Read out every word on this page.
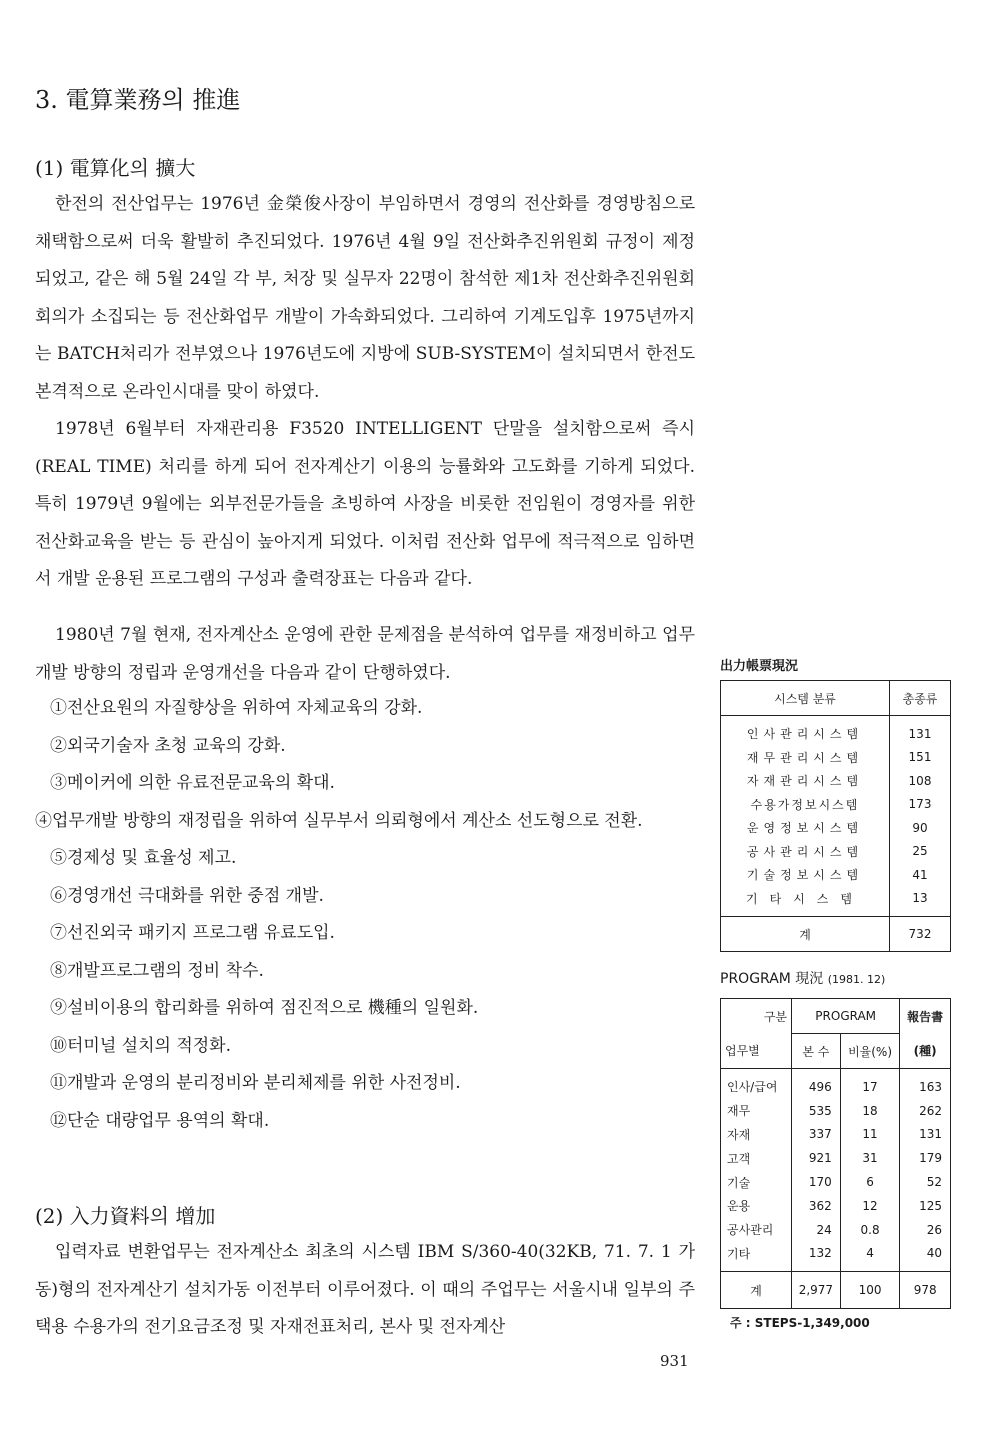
3. 電算業務의 推進
(1) 電算化의 擴大

한전의 전산업무는 1976년 金榮俊사장이 부임하면서 경영의 전산화를 경영방침으로 채택함으로써 더욱 활발히 추진되었다. 1976년 4월 9일 전산화추진위원회 규정이 제정되었고, 같은 해 5월 24일 각 부, 처장 및 실무자 22명이 참석한 제1차 전산화추진위원회 회의가 소집되는 등 전산화업무 개발이 가속화되었다. 그리하여 기계도입후 1975년까지는 BATCH처리가 전부였으나 1976년도에 지방에 SUB-SYSTEM이 설치되면서 한전도 본격적으로 온라인시대를 맞이 하였다.

1978년 6월부터 자재관리용 F3520 INTELLIGENT 단말을 설치함으로써 즉시(REAL TIME) 처리를 하게 되어 전자계산기 이용의 능률화와 고도화를 기하게 되었다. 특히 1979년 9월에는 외부전문가들을 초빙하여 사장을 비롯한 전임원이 경영자를 위한 전산화교육을 받는 등 관심이 높아지게 되었다. 이처럼 전산화 업무에 적극적으로 임하면서 개발 운용된 프로그램의 구성과 출력장표는 다음과 같다.

1980년 7월 현재, 전자계산소 운영에 관한 문제점을 분석하여 업무를 재정비하고 업무개발 방향의 정립과 운영개선을 다음과 같이 단행하였다.

①전산요원의 자질향상을 위하여 자체교육의 강화.

②외국기술자 초청 교육의 강화.

③메이커에 의한 유료전문교육의 확대.

④업무개발 방향의 재정립을 위하여 실무부서 의뢰형에서 계산소 선도형으로 전환.

⑤경제성 및 효율성 제고.

⑥경영개선 극대화를 위한 중점 개발.

⑦선진외국 패키지 프로그램 유료도입.

⑧개발프로그램의 정비 착수.

⑨설비이용의 합리화를 위하여 점진적으로 機種의 일원화.

⑩터미널 설치의 적정화.

⑪개발과 운영의 분리정비와 분리체제를 위한 사전정비.

⑫단순 대량업무 용역의 확대.

(2) 入力資料의 增加

입력자료 변환업무는 전자계산소 최초의 시스템 IBM S/360-40(32KB, 71. 7. 1 가동)형의 전자계산기 설치가동 이전부터 이루어졌다. 이 때의 주업무는 서울시내 일부의 주택용 수용가의 전기요금조정 및 자재전표처리, 본사 및 전자계산

931

出力帳票現況

시스템 분류	총종류
인사관리시스템	131
재무관리시스템	151
자재관리시스템	108
수용가정보시스템	173
운영정보시스템	90
공사관리시스템	25
기술정보시스템	41
기타시스템	13
계	732

PROGRAM 現況 (1981. 12)

구분	PROGRAM		報告書
업무별	본 수	비율(%)	(種)
인사/급여	496	17	163
재무	535	18	262
자재	337	11	131
고객	921	31	179
기술	170	6	52
운용	362	12	125
공사관리	24	0.8	26
기타	132	4	40
계	2,977	100	978

주 : STEPS-1,349,000
